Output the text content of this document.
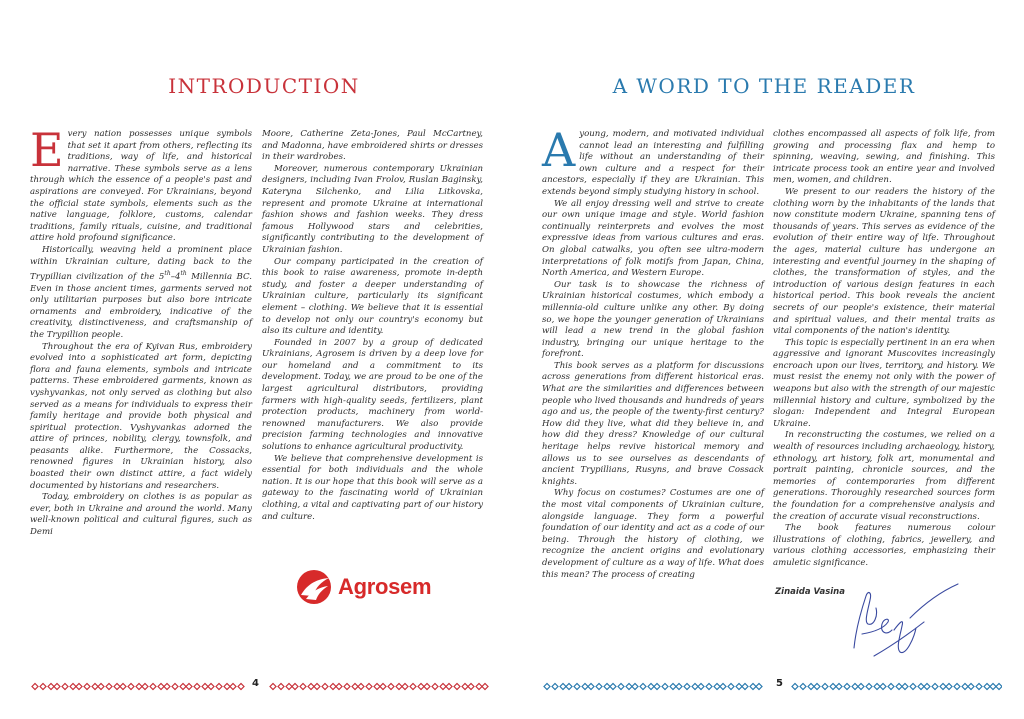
INTRODUCTION

Every nation possesses unique symbols that set it apart from others, reflecting its traditions, way of life, and historical narrative. These symbols serve as a lens through which the essence of a people's past and aspirations are conveyed. For Ukrainians, beyond the official state symbols, elements such as the native language, folklore, customs, calendar traditions, family rituals, cuisine, and traditional attire hold profound significance.

Historically, weaving held a prominent place within Ukrainian culture, dating back to the Trypillian civilization of the 5th–4th Millennia BC. Even in those ancient times, garments served not only utilitarian purposes but also bore intricate ornaments and embroidery, indicative of the creativity, distinctiveness, and craftsmanship of the Trypillion people.

Throughout the era of Kyivan Rus, embroidery evolved into a sophisticated art form, depicting flora and fauna elements, symbols and intricate patterns. These embroidered garments, known as vyshyvankas, not only served as clothing but also served as a means for individuals to express their family heritage and provide both physical and spiritual protection. Vyshyvankas adorned the attire of princes, nobility, clergy, townsfolk, and peasants alike. Furthermore, the Cossacks, renowned figures in Ukrainian history, also boasted their own distinct attire, a fact widely documented by historians and researchers.

Today, embroidery on clothes is as popular as ever, both in Ukraine and around the world. Many well-known political and cultural figures, such as Demi

Moore, Catherine Zeta-Jones, Paul McCartney, and Madonna, have embroidered shirts or dresses in their wardrobes.

Moreover, numerous contemporary Ukrainian designers, including Ivan Frolov, Ruslan Baginsky, Kateryna Silchenko, and Lilia Litkovska, represent and promote Ukraine at international fashion shows and fashion weeks. They dress famous Hollywood stars and celebrities, significantly contributing to the development of Ukrainian fashion.

Our company participated in the creation of this book to raise awareness, promote in-depth study, and foster a deeper understanding of Ukrainian culture, particularly its significant element – clothing. We believe that it is essential to develop not only our country's economy but also its culture and identity.

Founded in 2007 by a group of dedicated Ukrainians, Agrosem is driven by a deep love for our homeland and a commitment to its development. Today, we are proud to be one of the largest agricultural distributors, providing farmers with high-quality seeds, fertilizers, plant protection products, machinery from world-renowned manufacturers. We also provide precision farming technologies and innovative solutions to enhance agricultural productivity.

We believe that comprehensive development is essential for both individuals and the whole nation. It is our hope that this book will serve as a gateway to the fascinating world of Ukrainian clothing, a vital and captivating part of our history and culture.

Agrosem
4
A WORD TO THE READER

Ayoung, modern, and motivated individual cannot lead an interesting and fulfilling life without an understanding of their own culture and a respect for their ancestors, especially if they are Ukrainian. This extends beyond simply studying history in school.

We all enjoy dressing well and strive to create our own unique image and style. World fashion continually reinterprets and evolves the most expressive ideas from various cultures and eras. On global catwalks, you often see ultra-modern interpretations of folk motifs from Japan, China, North America, and Western Europe.

Our task is to showcase the richness of Ukrainian historical costumes, which embody a millennia-old culture unlike any other. By doing so, we hope the younger generation of Ukrainians will lead a new trend in the global fashion industry, bringing our unique heritage to the forefront.

This book serves as a platform for discussions across generations from different historical eras. What are the similarities and differences between people who lived thousands and hundreds of years ago and us, the people of the twenty-first century? How did they live, what did they believe in, and how did they dress? Knowledge of our cultural heritage helps revive historical memory and allows us to see ourselves as descendants of ancient Trypillians, Rusyns, and brave Cossack knights.

Why focus on costumes? Costumes are one of the most vital components of Ukrainian culture, alongside language. They form a powerful foundation of our identity and act as a code of our being. Through the history of clothing, we recognize the ancient origins and evolutionary development of culture as a way of life. What does this mean? The process of creating

clothes encompassed all aspects of folk life, from growing and processing flax and hemp to spinning, weaving, sewing, and finishing. This intricate process took an entire year and involved men, women, and children.

We present to our readers the history of the clothing worn by the inhabitants of the lands that now constitute modern Ukraine, spanning tens of thousands of years. This serves as evidence of the evolution of their entire way of life. Throughout the ages, material culture has undergone an interesting and eventful journey in the shaping of clothes, the transformation of styles, and the introduction of various design features in each historical period. This book reveals the ancient secrets of our people's existence, their material and spiritual values, and their mental traits as vital components of the nation's identity.

This topic is especially pertinent in an era when aggressive and ignorant Muscovites increasingly encroach upon our lives, territory, and history. We must resist the enemy not only with the power of weapons but also with the strength of our majestic millennial history and culture, symbolized by the slogan: Independent and Integral European Ukraine.

In reconstructing the costumes, we relied on a wealth of resources including archaeology, history, ethnology, art history, folk art, monumental and portrait painting, chronicle sources, and the memories of contemporaries from different generations. Thoroughly researched sources form the foundation for a comprehensive analysis and the creation of accurate visual reconstructions.

The book features numerous colour illustrations of clothing, fabrics, jewellery, and various clothing accessories, emphasizing their amuletic significance.

Zinaida Vasina
5
